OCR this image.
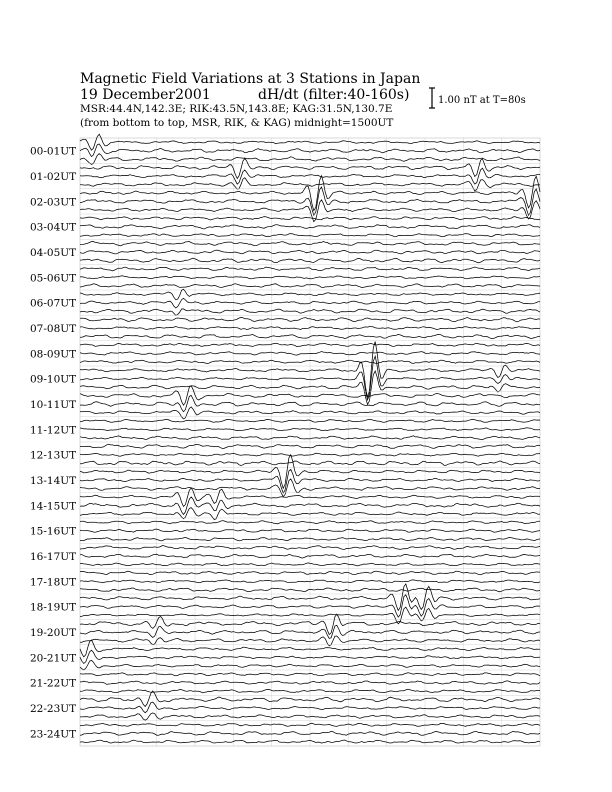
Magnetic Field Variations at 3 Stations in Japan
19 December2001	dH/dt (filter:40-160s)
MSR:44.4N,142.3E; RIK:43.5N,143.8E; KAG:31.5N,130.7E
(from bottom to top, MSR, RIK, & KAG) midnight=1500UT
1.00 nT at T=80s
00-01UT
01-02UT
02-03UT
03-04UT
04-05UT
05-06UT
06-07UT
07-08UT
08-09UT
09-10UT
10-11UT
11-12UT
12-13UT
13-14UT
14-15UT
15-16UT
16-17UT
17-18UT
18-19UT
19-20UT
20-21UT
21-22UT
22-23UT
23-24UT
